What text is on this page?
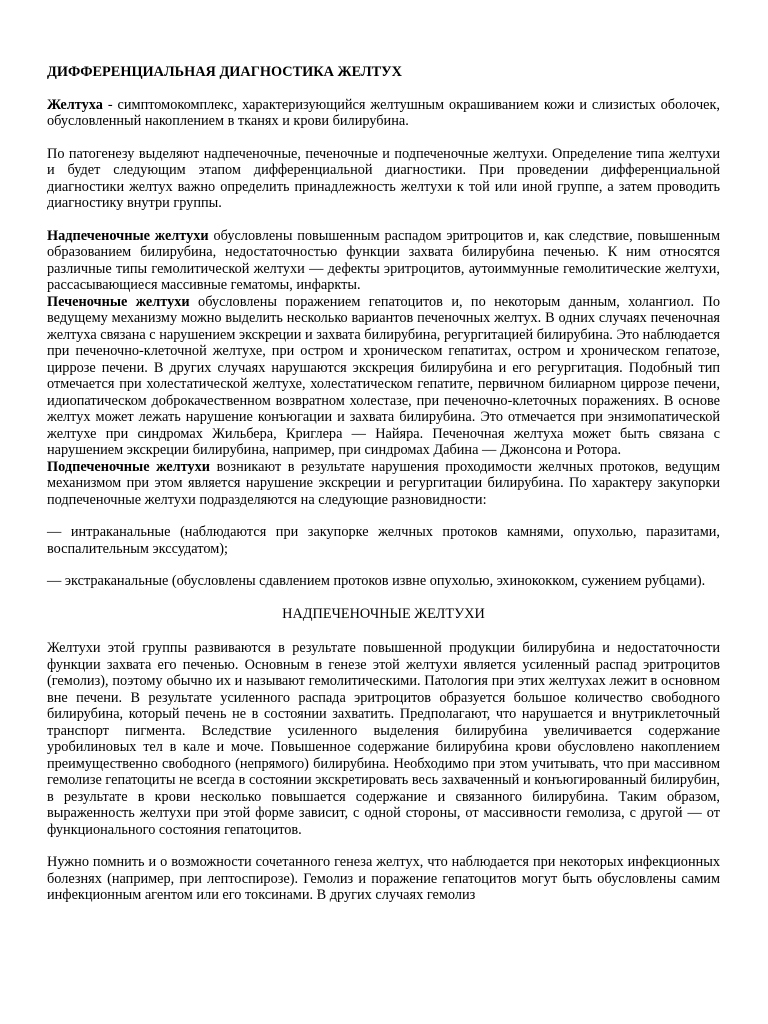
ДИФФЕРЕНЦИАЛЬНАЯ ДИАГНОСТИКА ЖЕЛТУХ

Желтуха - симптомокомплекс, характеризующийся желтушным окрашиванием кожи и слизистых оболочек, обусловленный накоплением в тканях и крови билирубина.

По патогенезу выделяют надпеченочные, печеночные и подпеченочные желтухи. Определение типа желтухи и будет следующим этапом дифференциальной диагностики. При проведении дифференциальной диагностики желтух важно определить принадлежность желтухи к той или иной группе, а затем проводить диагностику внутри группы.

Надпеченочные желтухи обусловлены повышенным распадом эритроцитов и, как следствие, повышенным образованием билирубина, недостаточностью функции захвата билирубина печенью. К ним относятся различные типы гемолитической желтухи — дефекты эритроцитов, аутоиммунные гемолитические желтухи, рассасывающиеся массивные гематомы, инфаркты.

Печеночные желтухи обусловлены поражением гепатоцитов и, по некоторым данным, холангиол. По ведущему механизму можно выделить несколько вариантов печеночных желтух. В одних случаях печеночная желтуха связана с нарушением экскреции и захвата билирубина, регургитацией билирубина. Это наблюдается при печеночно-клеточной желтухе, при остром и хроническом гепатитах, остром и хроническом гепатозе, циррозе печени. В других случаях нарушаются экскреция билирубина и его регургитация. Подобный тип отмечается при холестатической желтухе, холестатическом гепатите, первичном билиарном циррозе печени, идиопатическом доброкачественном возвратном холестазе, при печеночно-клеточных поражениях. В основе желтух может лежать нарушение конъюгации и захвата билирубина. Это отмечается при энзимопатической желтухе при синдромах Жильбера, Криглера — Найяра. Печеночная желтуха может быть связана с нарушением экскреции билирубина, например, при синдромах Дабина — Джонсона и Ротора.

Подпеченочные желтухи возникают в результате нарушения проходимости желчных протоков, ведущим механизмом при этом является нарушение экскреции и регургитации билирубина. По характеру закупорки подпеченочные желтухи подразделяются на следующие разновидности:

— интраканальные (наблюдаются при закупорке желчных протоков камнями, опухолью, паразитами, воспалительным экссудатом);

— экстраканальные (обусловлены сдавлением протоков извне опухолью, эхинококком, сужением рубцами).

НАДПЕЧЕНОЧНЫЕ ЖЕЛТУХИ

Желтухи этой группы развиваются в результате повышенной продукции билирубина и недостаточности функции захвата его печенью. Основным в генезе этой желтухи является усиленный распад эритроцитов (гемолиз), поэтому обычно их и называют гемолитическими. Патология при этих желтухах лежит в основном вне печени. В результате усиленного распада эритроцитов образуется большое количество свободного билирубина, который печень не в состоянии захватить. Предполагают, что нарушается и внутриклеточный транспорт пигмента. Вследствие усиленного выделения билирубина увеличивается содержание уробилиновых тел в кале и моче. Повышенное содержание билирубина крови обусловлено накоплением преимущественно свободного (непрямого) билирубина. Необходимо при этом учитывать, что при массивном гемолизе гепатоциты не всегда в состоянии экскретировать весь захваченный и конъюгированный билирубин, в результате в крови несколько повышается содержание и связанного билирубина. Таким образом, выраженность желтухи при этой форме зависит, с одной стороны, от массивности гемолиза, с другой — от функционального состояния гепатоцитов.

Нужно помнить и о возможности сочетанного генеза желтух, что наблюдается при некоторых инфекционных болезнях (например, при лептоспирозе). Гемолиз и поражение гепатоцитов могут быть обусловлены самим инфекционным агентом или его токсинами. В других случаях гемолиз
